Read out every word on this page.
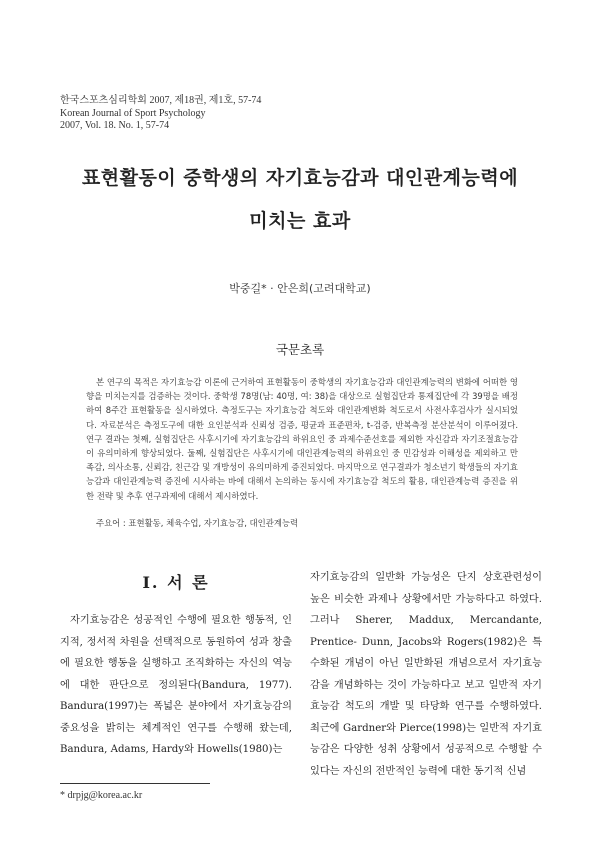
한국스포츠심리학회 2007, 제18권, 제1호, 57-74
Korean Journal of Sport Psychology
2007, Vol. 18. No. 1, 57-74
표현활동이 중학생의 자기효능감과 대인관계능력에
미치는 효과
박중길* · 안은희(고려대학교)
국문초록

본 연구의 목적은 자기효능감 이론에 근거하여 표현활동이 중학생의 자기효능감과 대인관계능력의 변화에 어떠한 영향을 미치는지를 검증하는 것이다. 중학생 78명(남: 40명, 여: 38)을 대상으로 실험집단과 통제집단에 각 39명을 배정하여 8주간 표현활동을 실시하였다. 측정도구는 자기효능감 척도와 대인관계변화 척도로서 사전사후검사가 실시되었다. 자료분석은 측정도구에 대한 요인분석과 신뢰성 검증, 평균과 표준편차, t-검증, 반복측정 분산분석이 이루어졌다. 연구 결과는 첫째, 실험집단은 사후시기에 자기효능감의 하위요인 중 과제수준선호를 제외한 자신감과 자기조절효능감이 유의미하게 향상되었다. 둘째, 실험집단은 사후시기에 대인관계능력의 하위요인 중 민감성과 이해성을 제외하고 만족감, 의사소통, 신뢰감, 친근감 및 개방성이 유의미하게 증진되었다. 마지막으로 연구결과가 청소년기 학생들의 자기효능감과 대인관계능력 증진에 시사하는 바에 대해서 논의하는 동시에 자기효능감 척도의 활용, 대인관계능력 증진을 위한 전략 및 추후 연구과제에 대해서 제시하였다.

주요어 : 표현활동, 체육수업, 자기효능감, 대인관계능력
I. 서 론

자기효능감은 성공적인 수행에 필요한 행동적, 인지적, 정서적 차원을 선택적으로 동원하여 성과 창출에 필요한 행동을 실행하고 조직화하는 자신의 역능에 대한 판단으로 정의된다(Bandura, 1977). Bandura(1997)는 폭넓은 분야에서 자기효능감의 중요성을 밝히는 체계적인 연구를 수행해 왔는데, Bandura, Adams, Hardy와 Howells(1980)는

자기효능감의 일반화 가능성은 단지 상호관련성이 높은 비슷한 과제나 상황에서만 가능하다고 하였다. 그러나 Sherer, Maddux, Mercandante, Prentice- Dunn, Jacobs와 Rogers(1982)은 특수화된 개념이 아닌 일반화된 개념으로서 자기효능감을 개념화하는 것이 가능하다고 보고 일반적 자기효능감 척도의 개발 및 타당화 연구를 수행하였다. 최근에 Gardner와 Pierce(1998)는 일반적 자기효능감은 다양한 성취 상황에서 성공적으로 수행할 수 있다는 자신의 전반적인 능력에 대한 동기적 신념

* drpjg@korea.ac.kr
